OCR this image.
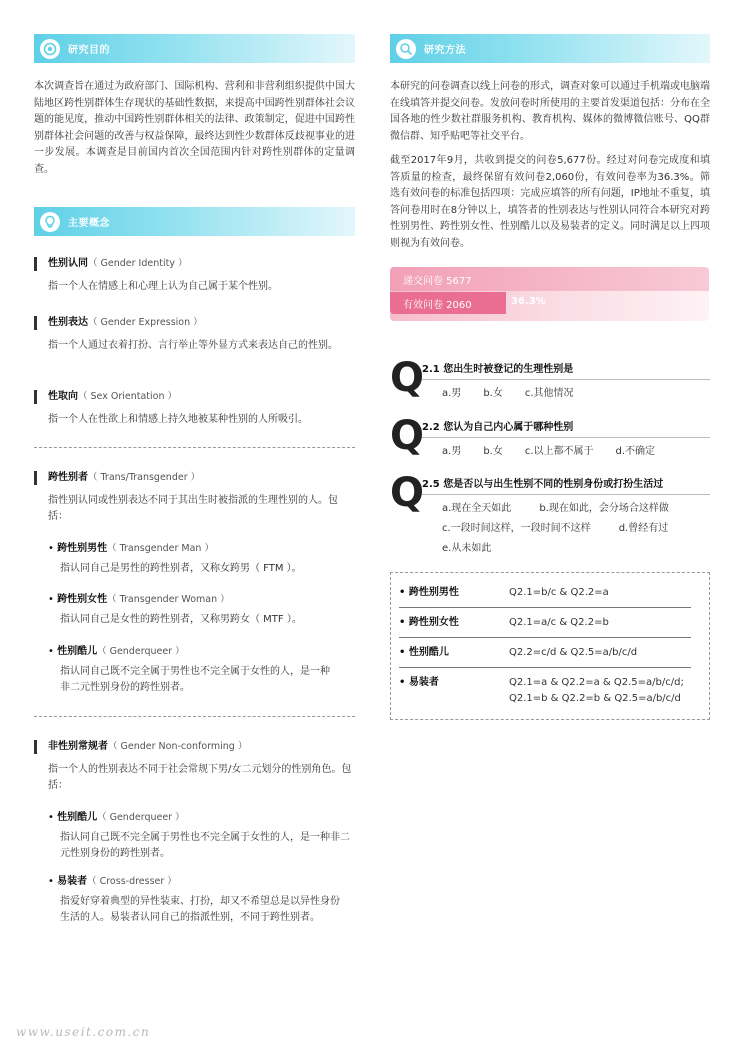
研究目的
本次调查旨在通过为政府部门、国际机构、营利和非营利组织提供中国大陆地区跨性别群体生存现状的基础性数据，来提高中国跨性别群体社会议题的能见度，推动中国跨性别群体相关的法律、政策制定，促进中国跨性别群体社会问题的改善与权益保障，最终达到性少数群体反歧视事业的进一步发展。本调查是目前国内首次全国范围内针对跨性别群体的定量调查。
主要概念
性别认同（ Gender Identity ）
指一个人在情感上和心理上认为自己属于某个性别。
性别表达（ Gender Expression ）
指一个人通过衣着打扮、言行举止等外显方式来表达自己的性别。
性取向（ Sex Orientation ）
指一个人在性欲上和情感上持久地被某种性别的人所吸引。
跨性别者（ Trans/Transgender ）
指性别认同或性别表达不同于其出生时被指派的生理性别的人。包括：
• 跨性别男性（ Transgender Man ）
指认同自己是男性的跨性别者，又称女跨男（ FTM ）。
• 跨性别女性（ Transgender Woman ）
指认同自己是女性的跨性别者，又称男跨女（ MTF ）。
• 性别酷儿（ Genderqueer ）
指认同自己既不完全属于男性也不完全属于女性的人，是一种非二元性别身份的跨性别者。
非性别常规者（ Gender Non-conforming ）
指一个人的性别表达不同于社会常规下男/女二元划分的性别角色。包括：
• 性别酷儿（ Genderqueer ）
指认同自己既不完全属于男性也不完全属于女性的人，是一种非二元性别身份的跨性别者。
• 易装者（ Cross-dresser ）
指爱好穿着典型的异性装束、打扮，却又不希望总是以异性身份生活的人。易装者认同自己的指派性别，不同于跨性别者。
研究方法
本研究的问卷调查以线上问卷的形式，调查对象可以通过手机端或电脑端在线填答并提交问卷。发放问卷时所使用的主要首发渠道包括：分布在全国各地的性少数社群服务机构、教育机构、媒体的微博微信账号、QQ群微信群、知乎贴吧等社交平台。
截至2017年9月，共收到提交的问卷5,677份。经过对问卷完成度和填答质量的检查，最终保留有效问卷2,060份，有效问卷率为36.3%。筛选有效问卷的标准包括四项：完成应填答的所有问题，IP地址不重复，填答问卷用时在8分钟以上，填答者的性别表达与性别认同符合本研究对跨性别男性、跨性别女性、性别酷儿以及易装者的定义。同时满足以上四项则视为有效问卷。
递交问卷 5677
有效问卷 2060	36.3%
Q
2.1 您出生时被登记的生理性别是
a.男 b.女 c.其他情况
Q
2.2 您认为自己内心属于哪种性别
a.男 b.女 c.以上都不属于 d.不确定
Q
2.5 您是否以与出生性别不同的性别身份或打扮生活过
a.现在全天如此	b.现在如此，会分场合这样做
c.一段时间这样，一段时间不这样	d.曾经有过
e.从未如此
• 跨性别男性	Q2.1=b/c & Q2.2=a
• 跨性别女性	Q2.1=a/c & Q2.2=b
• 性别酷儿	Q2.2=c/d & Q2.5=a/b/c/d
• 易装者	Q2.1=a & Q2.2=a & Q2.5=a/b/c/d;
Q2.1=b & Q2.2=b & Q2.5=a/b/c/d
www.useit.com.cn
